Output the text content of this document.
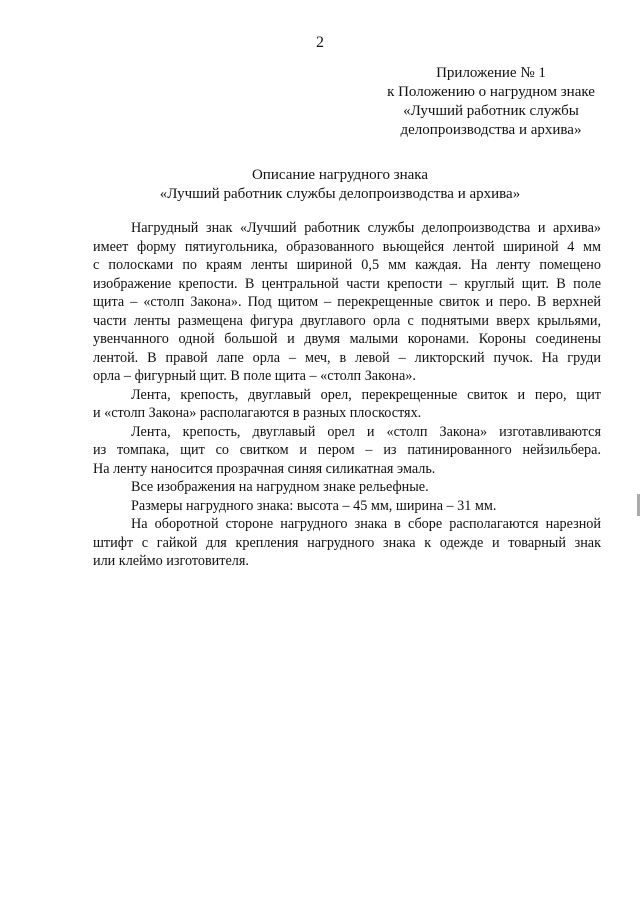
2
Приложение № 1
к Положению о нагрудном знаке
«Лучший работник службы
делопроизводства и архива»
Описание нагрудного знака
«Лучший работник службы делопроизводства и архива»
Нагрудный знак «Лучший работник службы делопроизводства и архива»
имеет форму пятиугольника, образованного вьющейся лентой шириной 4 мм
с полосками по краям ленты шириной 0,5 мм каждая. На ленту помещено
изображение крепости. В центральной части крепости – круглый щит. В поле
щита – «столп Закона». Под щитом – перекрещенные свиток и перо. В верхней
части ленты размещена фигура двуглавого орла с поднятыми вверх крыльями,
увенчанного одной большой и двумя малыми коронами. Короны соединены
лентой. В правой лапе орла – меч, в левой – ликторский пучок. На груди
орла – фигурный щит. В поле щита – «столп Закона».
Лента, крепость, двуглавый орел, перекрещенные свиток и перо, щит
и «столп Закона» располагаются в разных плоскостях.
Лента, крепость, двуглавый орел и «столп Закона» изготавливаются
из томпака, щит со свитком и пером – из патинированного нейзильбера.
На ленту наносится прозрачная синяя силикатная эмаль.
Все изображения на нагрудном знаке рельефные.
Размеры нагрудного знака: высота – 45 мм, ширина – 31 мм.
На оборотной стороне нагрудного знака в сборе располагаются нарезной
штифт с гайкой для крепления нагрудного знака к одежде и товарный знак
или клеймо изготовителя.
